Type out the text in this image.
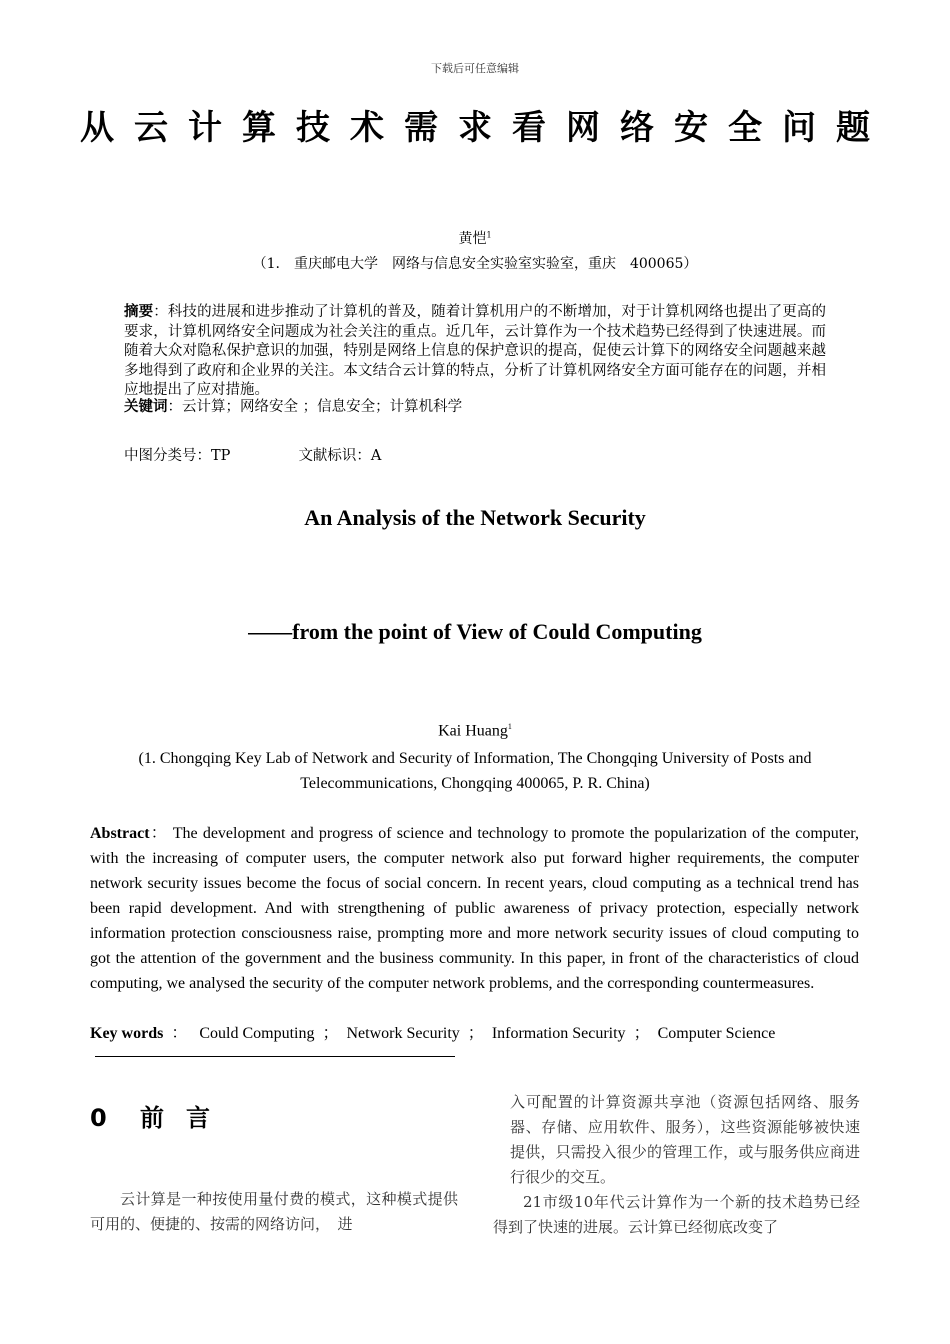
下载后可任意编辑
从云计算技术需求看网络安全问题
黄恺$^1$
（1.　重庆邮电大学　网络与信息安全实验室实验室，重庆　400065）
摘要：科技的进展和进步推动了计算机的普及，随着计算机用户的不断增加，对于计算机网络也提出了更高的要求，计算机网络安全问题成为社会关注的重点。近几年，云计算作为一个技术趋势已经得到了快速进展。而随着大众对隐私保护意识的加强，特别是网络上信息的保护意识的提高，促使云计算下的网络安全问题越来越多地得到了政府和企业界的关注。本文结合云计算的特点，分析了计算机网络安全方面可能存在的问题，并相应地提出了应对措施。
关键词：云计算；网络安全 ；信息安全；计算机科学
中图分类号：TP	文献标识：A
An Analysis of the Network Security
——from the point of View of Could Computing
Kai Huang$^1$
(1. Chongqing Key Lab of Network and Security of Information, The Chongqing University of Posts and Telecommunications, Chongqing 400065, P. R. China)
Abstract： The development and progress of science and technology to promote the popularization of the computer, with the increasing of computer users, the computer network also put forward higher requirements, the computer network security issues become the focus of social concern. In recent years, cloud computing as a technical trend has been rapid development. And with strengthening of public awareness of privacy protection, especially network information protection consciousness raise, prompting more and more network security issues of cloud computing to got the attention of the government and the business community. In this paper, in front of the characteristics of cloud computing, we analysed the security of the computer network problems, and the corresponding countermeasures.
Key words ： Could Computing ； Network Security ； Information Security ； Computer Science
0 前言
云计算是一种按使用量付费的模式，这种模式提供可用的、便捷的、按需的网络访问，　进

入可配置的计算资源共享池（资源包括网络、服务器、存储、应用软件、服务），这些资源能够被快速提供，只需投入很少的管理工作，或与服务供应商进行很少的交互。

21市级10年代云计算作为一个新的技术趋势已经得到了快速的进展。云计算已经彻底改变了
